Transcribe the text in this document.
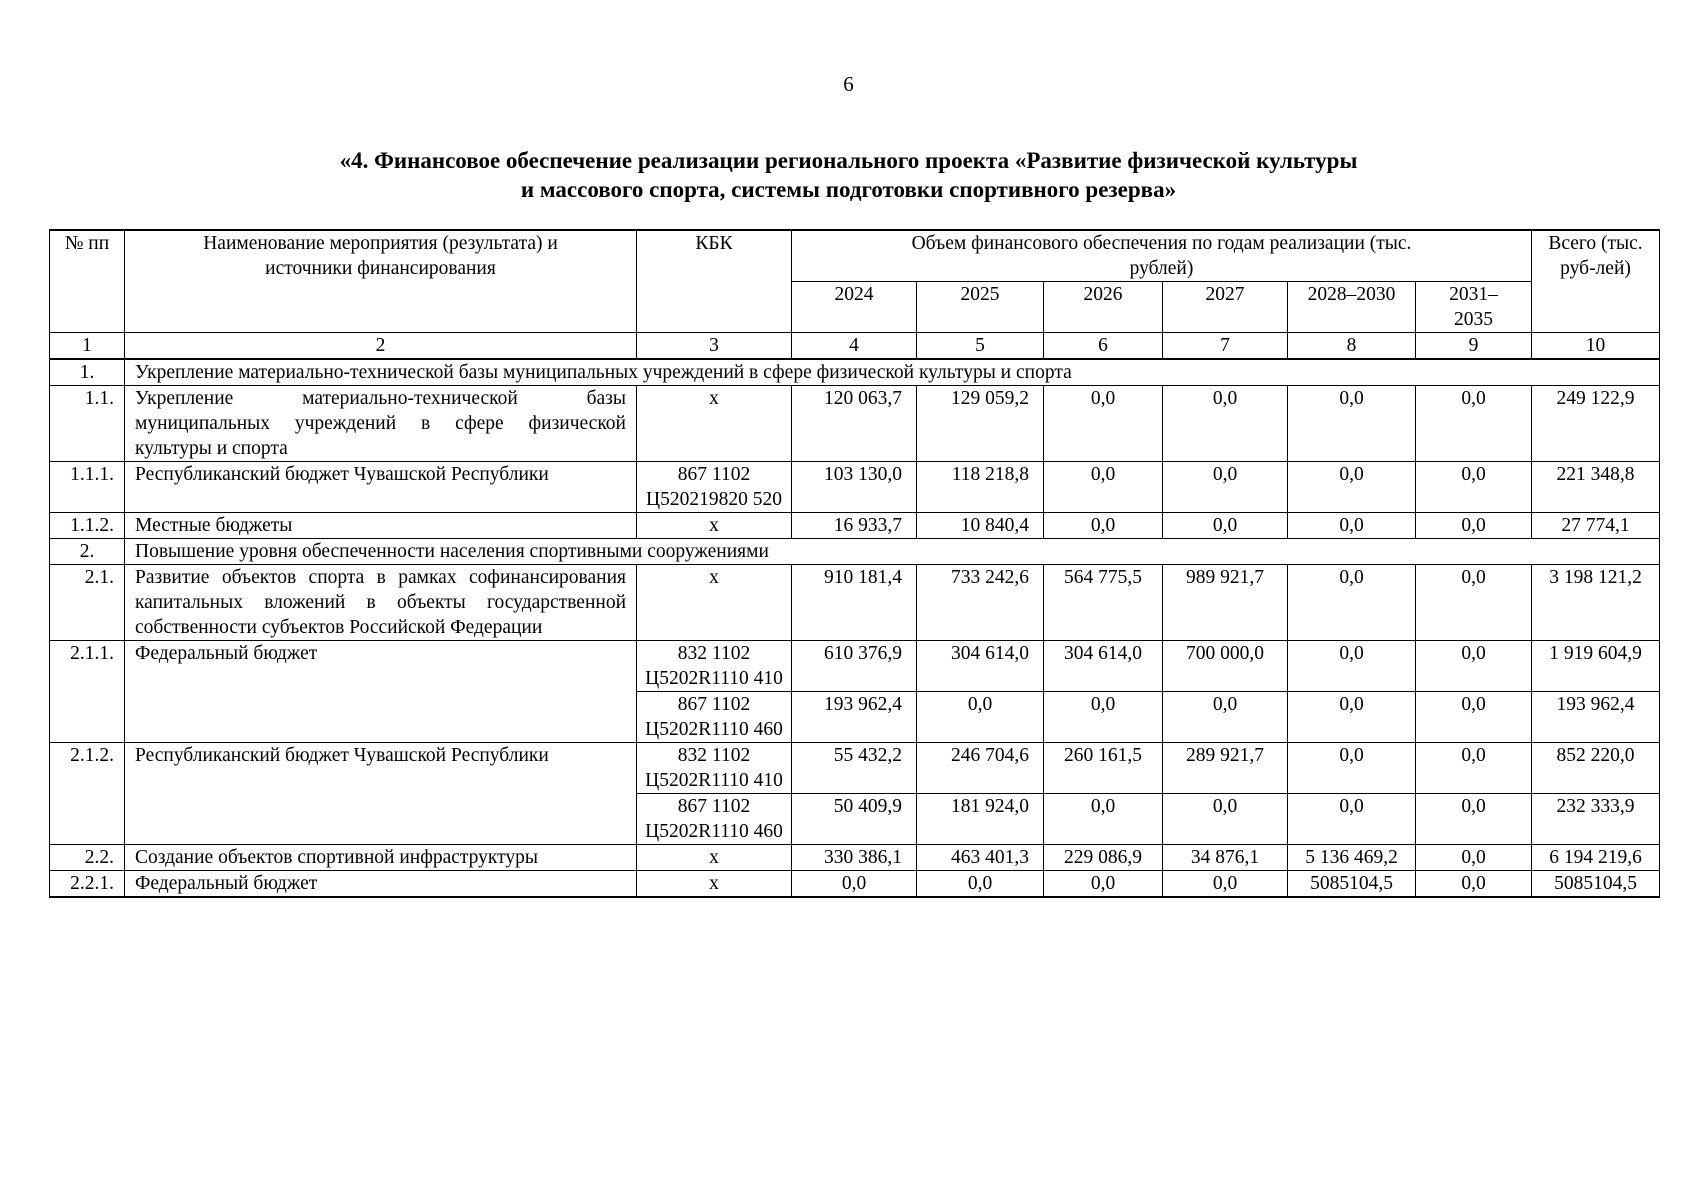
6
«4. Финансовое обеспечение реализации регионального проекта «Развитие физической культуры
и массового спорта, системы подготовки спортивного резерва»
№ пп	Наименование мероприятия (результата) и источники финансирования	КБК	Объем финансового обеспечения по годам реализации (тыс. рублей)						Всего (тыс. руб-лей)
			2024	2025	2026	2027	2028–2030	2031–2035	
1	2	3	4	5	6	7	8	9	10
1.	Укрепление материально-технической базы муниципальных учреждений в сфере физической культуры и спорта								
1.1.	Укрепление материально-технической базы муниципальных учреждений в сфере физической культуры и спорта	х	120 063,7	129 059,2	0,0	0,0	0,0	0,0	249 122,9
1.1.1.	Республиканский бюджет Чувашской Республики	867 1102 Ц520219820 520	103 130,0	118 218,8	0,0	0,0	0,0	0,0	221 348,8
1.1.2.	Местные бюджеты	х	16 933,7	10 840,4	0,0	0,0	0,0	0,0	27 774,1
2.	Повышение уровня обеспеченности населения спортивными сооружениями								
2.1.	Развитие объектов спорта в рамках софинансирования капитальных вложений в объекты государственной собственности субъектов Российской Федерации	х	910 181,4	733 242,6	564 775,5	989 921,7	0,0	0,0	3 198 121,2
2.1.1.	Федеральный бюджет	832 1102 Ц5202R1110 410	610 376,9	304 614,0	304 614,0	700 000,0	0,0	0,0	1 919 604,9
		867 1102 Ц5202R1110 460	193 962,4	0,0	0,0	0,0	0,0	0,0	193 962,4
2.1.2.	Республиканский бюджет Чувашской Республики	832 1102 Ц5202R1110 410	55 432,2	246 704,6	260 161,5	289 921,7	0,0	0,0	852 220,0
		867 1102 Ц5202R1110 460	50 409,9	181 924,0	0,0	0,0	0,0	0,0	232 333,9
2.2.	Создание объектов спортивной инфраструктуры	х	330 386,1	463 401,3	229 086,9	34 876,1	5 136 469,2	0,0	6 194 219,6
2.2.1.	Федеральный бюджет	х	0,0	0,0	0,0	0,0	5085104,5	0,0	5085104,5
